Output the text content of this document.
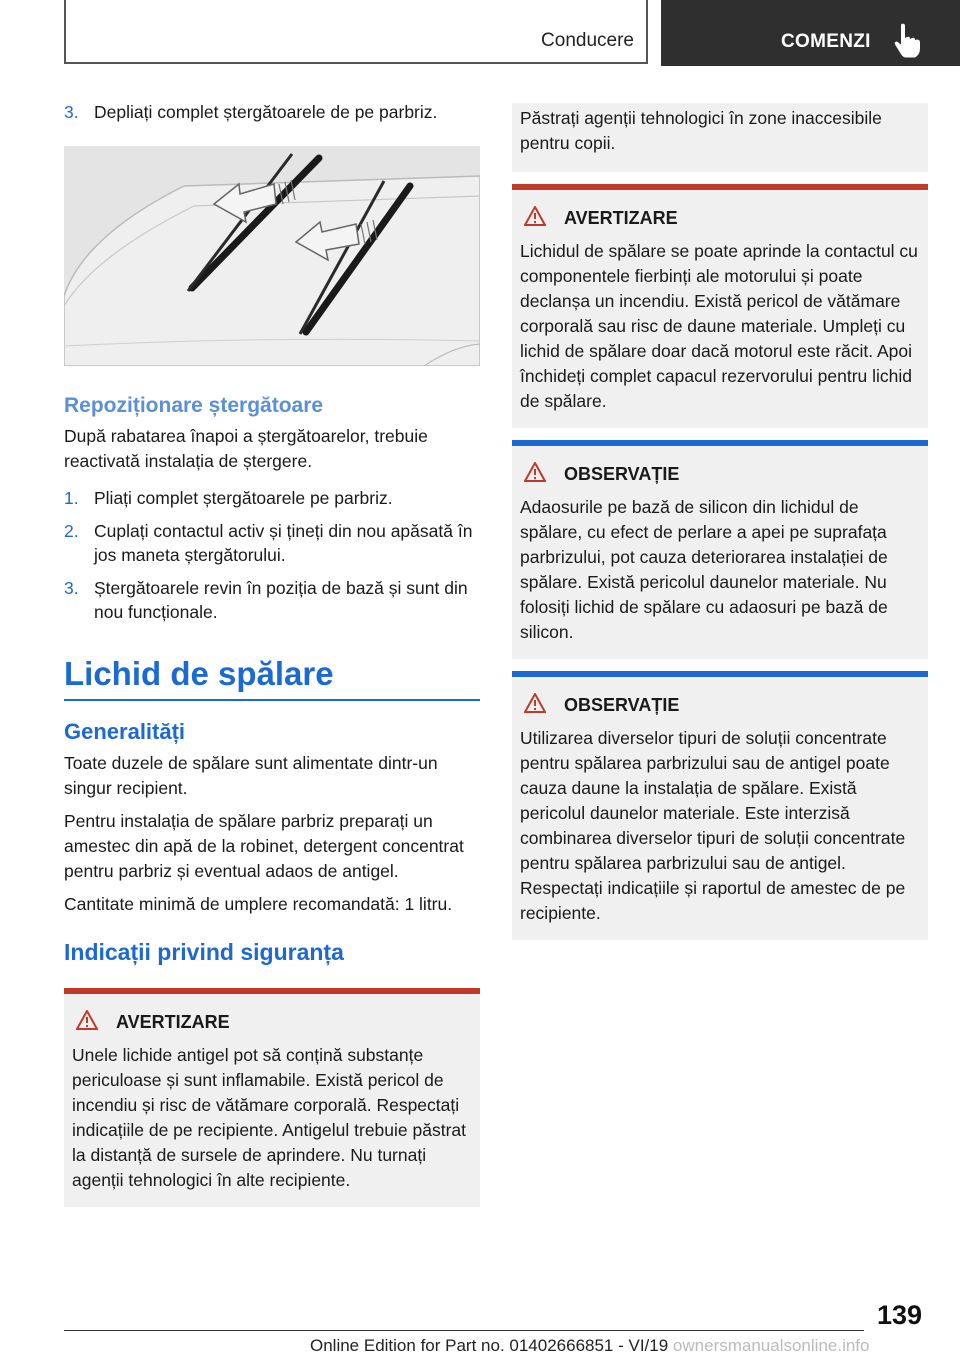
Conducere	COMENZI
3. Depliați complet ștergătoarele de pe parbriz.
Repoziționare ștergătoare

După rabatarea înapoi a ștergătoarelor, trebuie reactivată instalația de ștergere.

1. Pliați complet ștergătoarele pe parbriz.
2. Cuplați contactul activ și țineți din nou apăsată în jos maneta ștergătorului.
3. Ștergătoarele revin în poziția de bază și sunt din nou funcționale.
Lichid de spălare
Generalități

Toate duzele de spălare sunt alimentate dintr-un singur recipient.

Pentru instalația de spălare parbriz preparați un amestec din apă de la robinet, detergent concentrat pentru parbriz și eventual adaos de antigel.

Cantitate minimă de umplere recomandată: 1 litru.

Indicații privind siguranța
AVERTIZARE
Unele lichide antigel pot să conțină substanțe periculoase și sunt inflamabile. Există pericol de incendiu și risc de vătămare corporală. Respectați indicațiile de pe recipiente. Antigelul trebuie păstrat la distanță de sursele de aprindere. Nu turnați agenții tehnologici în alte recipiente.
Păstrați agenții tehnologici în zone inaccesibile pentru copii.
AVERTIZARE
Lichidul de spălare se poate aprinde la contactul cu componentele fierbinți ale motorului și poate declanșa un incendiu. Există pericol de vătămare corporală sau risc de daune materiale. Umpleți cu lichid de spălare doar dacă motorul este răcit. Apoi închideți complet capacul rezervorului pentru lichid de spălare.
OBSERVAȚIE
Adaosurile pe bază de silicon din lichidul de spălare, cu efect de perlare a apei pe suprafața parbrizului, pot cauza deteriorarea instalației de spălare. Există pericolul daunelor materiale. Nu folosiți lichid de spălare cu adaosuri pe bază de silicon.
OBSERVAȚIE
Utilizarea diverselor tipuri de soluții concentrate pentru spălarea parbrizului sau de antigel poate cauza daune la instalația de spălare. Există pericolul daunelor materiale. Este interzisă combinarea diverselor tipuri de soluții concentrate pentru spălarea parbrizului sau de antigel. Respectați indicațiile și raportul de amestec de pe recipiente.
139
Online Edition for Part no. 01402666851 - VI/19 ownersmanualsonline.info
